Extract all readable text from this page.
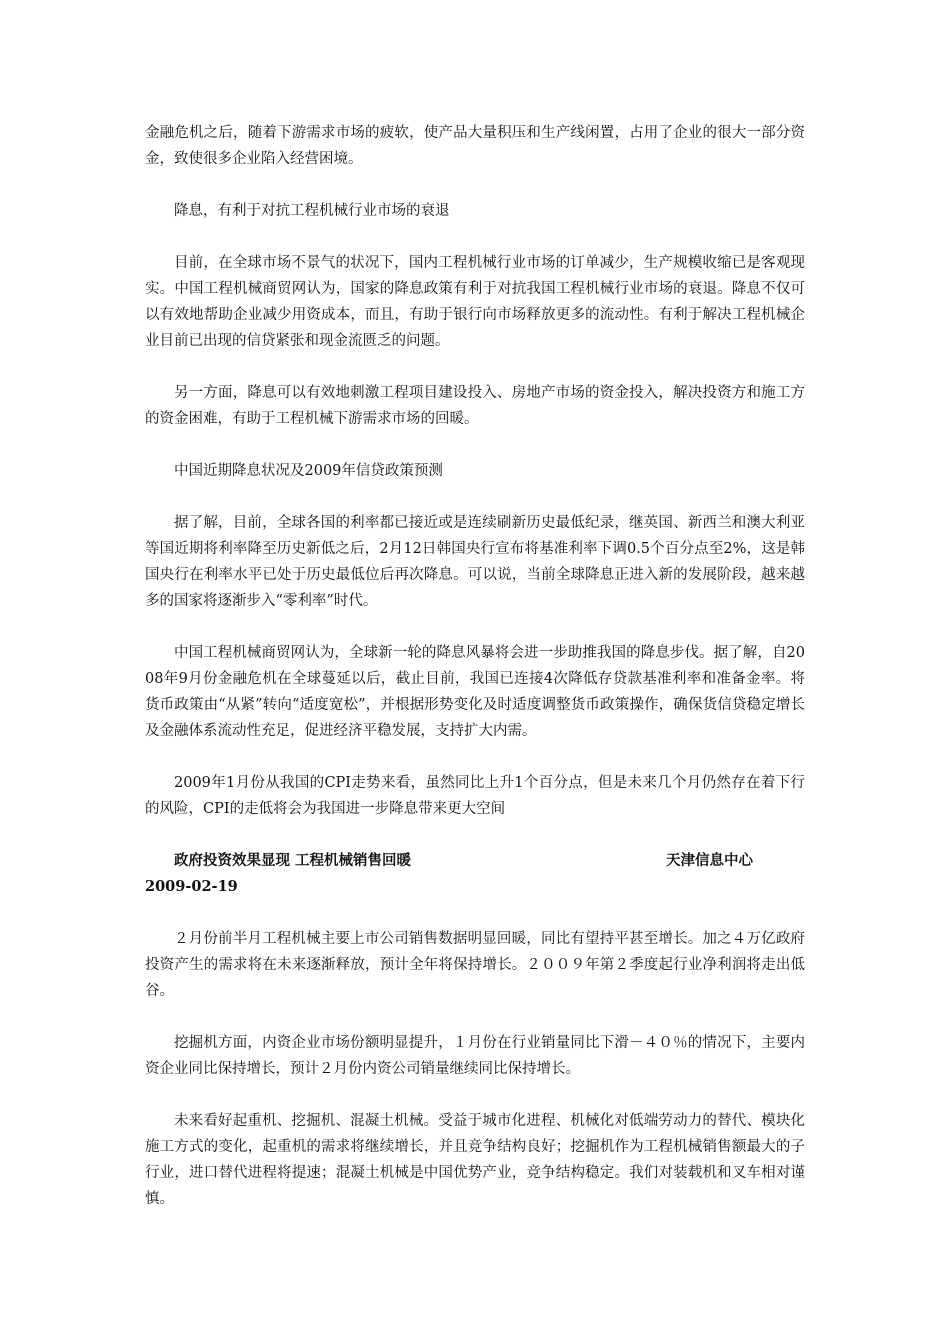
金融危机之后，随着下游需求市场的疲软，使产品大量积压和生产线闲置，占用了企业的很大一部分资金，致使很多企业陷入经营困境。

降息，有利于对抗工程机械行业市场的衰退

目前，在全球市场不景气的状况下，国内工程机械行业市场的订单减少，生产规模收缩已是客观现实。中国工程机械商贸网认为，国家的降息政策有利于对抗我国工程机械行业市场的衰退。降息不仅可以有效地帮助企业减少用资成本，而且，有助于银行向市场释放更多的流动性。有利于解决工程机械企业目前已出现的信贷紧张和现金流匮乏的问题。

另一方面，降息可以有效地刺激工程项目建设投入、房地产市场的资金投入，解决投资方和施工方的资金困难，有助于工程机械下游需求市场的回暖。

中国近期降息状况及2009年信贷政策预测

据了解，目前，全球各国的利率都已接近或是连续刷新历史最低纪录，继英国、新西兰和澳大利亚等国近期将利率降至历史新低之后，2月12日韩国央行宣布将基准利率下调0.5个百分点至2%，这是韩国央行在利率水平已处于历史最低位后再次降息。可以说，当前全球降息正进入新的发展阶段，越来越多的国家将逐渐步入“零利率”时代。

中国工程机械商贸网认为，全球新一轮的降息风暴将会进一步助推我国的降息步伐。据了解，自2008年9月份金融危机在全球蔓延以后，截止目前，我国已连接4次降低存贷款基准利率和准备金率。将货币政策由“从紧”转向“适度宽松”，并根据形势变化及时适度调整货币政策操作，确保货信贷稳定增长及金融体系流动性充足，促进经济平稳发展，支持扩大内需。

2009年1月份从我国的CPI走势来看，虽然同比上升1个百分点，但是未来几个月仍然存在着下行的风险，CPI的走低将会为我国进一步降息带来更大空间

政府投资效果显现 工程机械销售回暖	天津信息中心
2009-02-19

２月份前半月工程机械主要上市公司销售数据明显回暖，同比有望持平甚至增长。加之４万亿政府投资产生的需求将在未来逐渐释放，预计全年将保持增长。２００９年第２季度起行业净利润将走出低谷。

挖掘机方面，内资企业市场份额明显提升，１月份在行业销量同比下滑－４０％的情况下，主要内资企业同比保持增长，预计２月份内资公司销量继续同比保持增长。

未来看好起重机、挖掘机、混凝土机械。受益于城市化进程、机械化对低端劳动力的替代、模块化施工方式的变化，起重机的需求将继续增长，并且竞争结构良好；挖掘机作为工程机械销售额最大的子行业，进口替代进程将提速；混凝土机械是中国优势产业，竞争结构稳定。我们对装载机和叉车相对谨慎。
